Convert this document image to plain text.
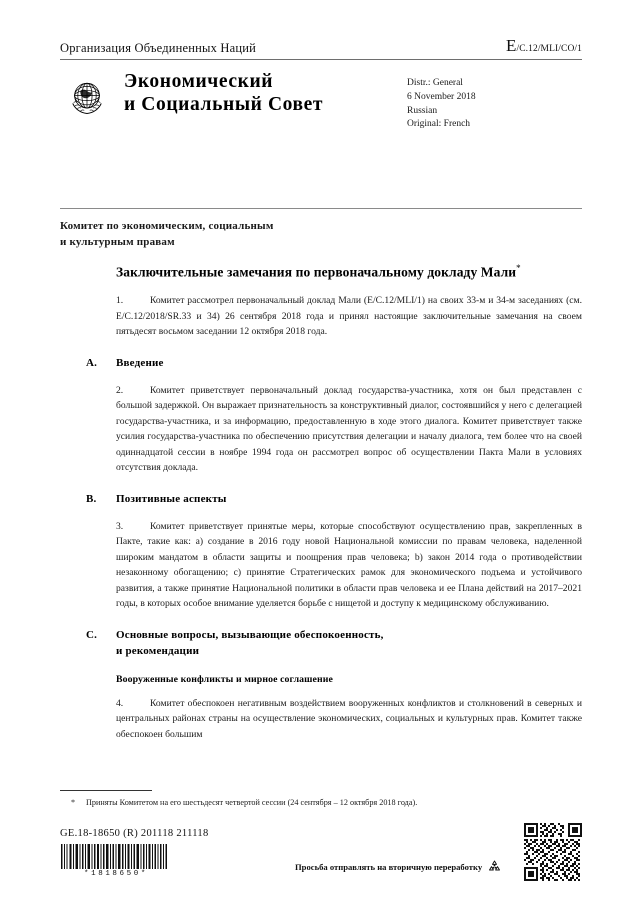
Организация Объединенных Наций	E/C.12/MLI/CO/1
Экономический
и Социальный Совет
Distr.: General
6 November 2018
Russian
Original: French
Комитет по экономическим, социальным
и культурным правам
Заключительные замечания по первоначальному докладу Мали*
1.	Комитет рассмотрел первоначальный доклад Мали (E/C.12/MLI/1) на своих 33-м и 34-м заседаниях (см. E/C.12/2018/SR.33 и 34) 26 сентября 2018 года и принял настоящие заключительные замечания на своем пятьдесят восьмом заседании 12 октября 2018 года.
A.	Введение
2.	Комитет приветствует первоначальный доклад государства-участника, хотя он был представлен с большой задержкой. Он выражает признательность за конструктивный диалог, состоявшийся у него с делегацией государства-участника, и за информацию, предоставленную в ходе этого диалога. Комитет приветствует также усилия государства-участника по обеспечению присутствия делегации и началу диалога, тем более что на своей одиннадцатой сессии в ноябре 1994 года он рассмотрел вопрос об осуществлении Пакта Мали в условиях отсутствия доклада.
B.	Позитивные аспекты
3.	Комитет приветствует принятые меры, которые способствуют осуществлению прав, закрепленных в Пакте, такие как: a) создание в 2016 году новой Национальной комиссии по правам человека, наделенной широким мандатом в области защиты и поощрения прав человека; b) закон 2014 года о противодействии незаконному обогащению; c) принятие Стратегических рамок для экономического подъема и устойчивого развития, а также принятие Национальной политики в области прав человека и ее Плана действий на 2017–2021 годы, в которых особое внимание уделяется борьбе с нищетой и доступу к медицинскому обслуживанию.
C.	Основные вопросы, вызывающие обеспокоенность,
и рекомендации
Вооруженные конфликты и мирное соглашение
4.	Комитет обеспокоен негативным воздействием вооруженных конфликтов и столкновений в северных и центральных районах страны на осуществление экономических, социальных и культурных прав. Комитет также обеспокоен большим
*	Приняты Комитетом на его шестьдесят четвертой сессии (24 сентября – 12 октября 2018 года).
GE.18-18650 (R) 201118 211118
*1818650*
Просьба отправлять на вторичную переработку
